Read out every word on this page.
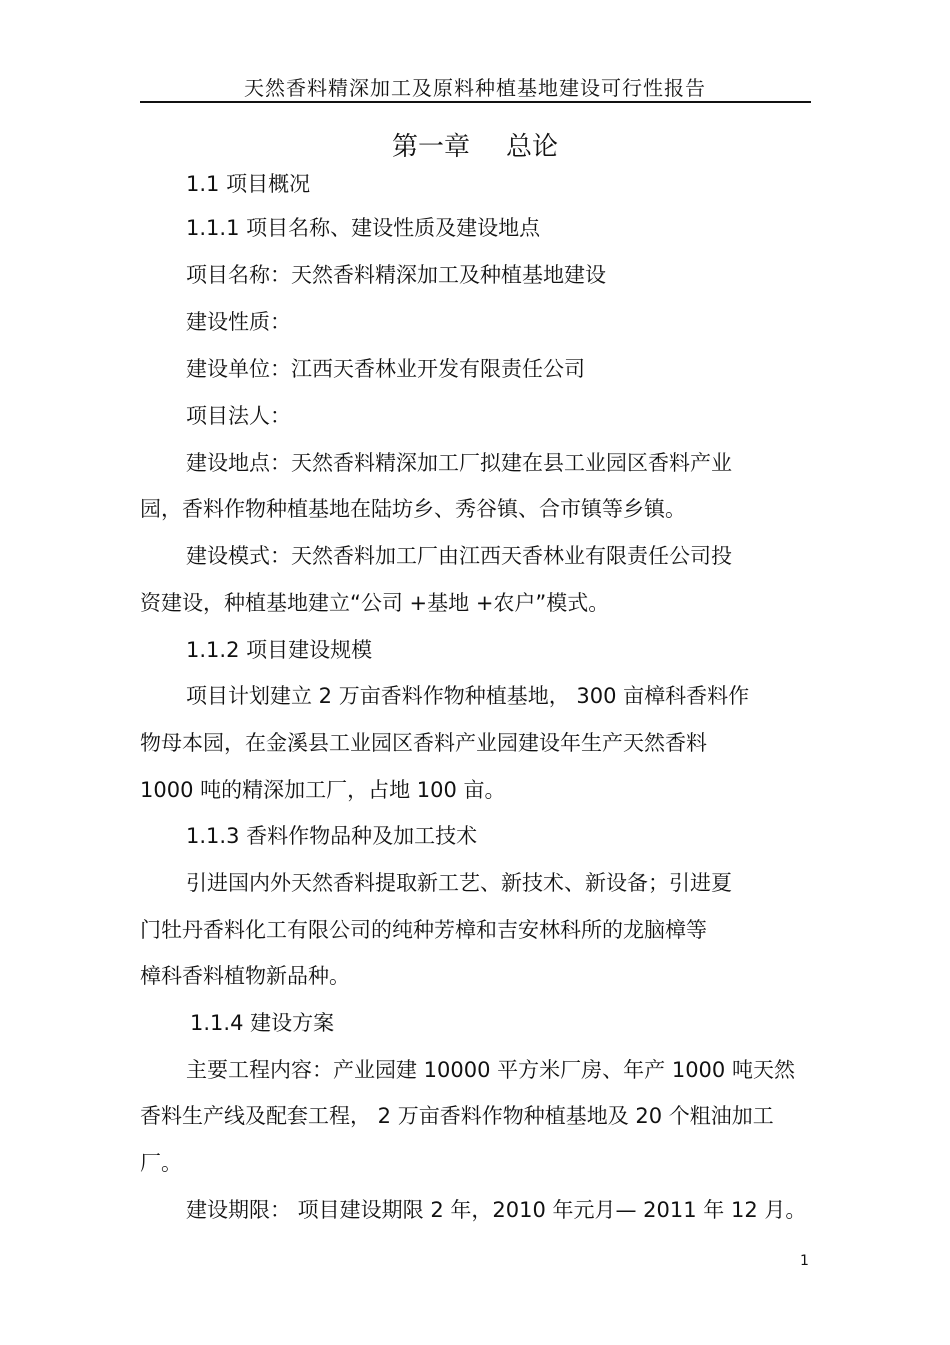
天然香料精深加工及原料种植基地建设可行性报告
第一章 总论
1.1 项目概况
1.1.1 项目名称、建设性质及建设地点
项目名称：天然香料精深加工及种植基地建设
建设性质：
建设单位：江西天香林业开发有限责任公司
项目法人：
建设地点：天然香料精深加工厂拟建在县工业园区香料产业
园，香料作物种植基地在陆坊乡、秀谷镇、合市镇等乡镇。
建设模式：天然香料加工厂由江西天香林业有限责任公司投
资建设，种植基地建立“公司 +基地 +农户”模式。
1.1.2 项目建设规模
项目计划建立 2 万亩香料作物种植基地， 300 亩樟科香料作
物母本园，在金溪县工业园区香料产业园建设年生产天然香料
1000 吨的精深加工厂，占地 100 亩。
1.1.3 香料作物品种及加工技术
引进国内外天然香料提取新工艺、新技术、新设备；引进夏
门牡丹香料化工有限公司的纯种芳樟和吉安林科所的龙脑樟等
樟科香料植物新品种。
1.1.4 建设方案
主要工程内容：产业园建 10000 平方米厂房、年产 1000 吨天然
香料生产线及配套工程， 2 万亩香料作物种植基地及 20 个粗油加工
厂。
建设期限： 项目建设期限 2 年，2010 年元月— 2011 年 12 月。
1
